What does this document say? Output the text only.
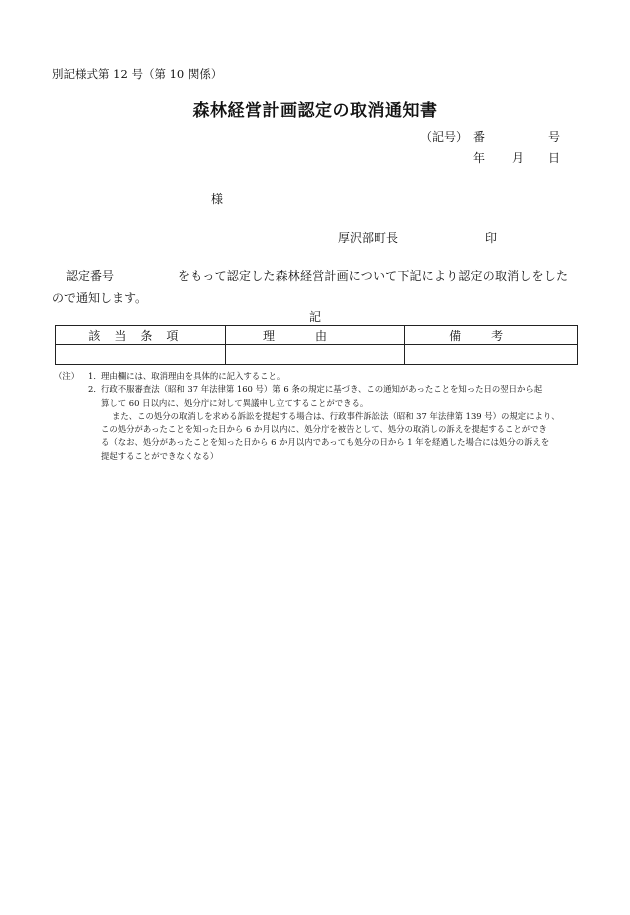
別記様式第 12 号（第 10 関係）
森林経営計画認定の取消通知書
（記号） 番	号
年 月 日
様
厚沢部町長	印
認定番号	をもって認定した森林経営計画について下記により認定の取消しをした
ので通知します。
記
該当条項	理由	備考

（注）	1． 理由欄には、取消理由を具体的に記入すること。
2． 行政不服審査法（昭和 37 年法律第 160 号）第 6 条の規定に基づき、この通知があったことを知った日の翌日から起
算して 60 日以内に、処分庁に対して異議申し立てすることができる。
また、この処分の取消しを求める訴訟を提起する場合は、行政事件訴訟法（昭和 37 年法律第 139 号）の規定により、
この処分があったことを知った日から 6 か月以内に、処分庁を被告として、処分の取消しの訴えを提起することができ
る（なお、処分があったことを知った日から 6 か月以内であっても処分の日から 1 年を経過した場合には処分の訴えを
提起することができなくなる）
